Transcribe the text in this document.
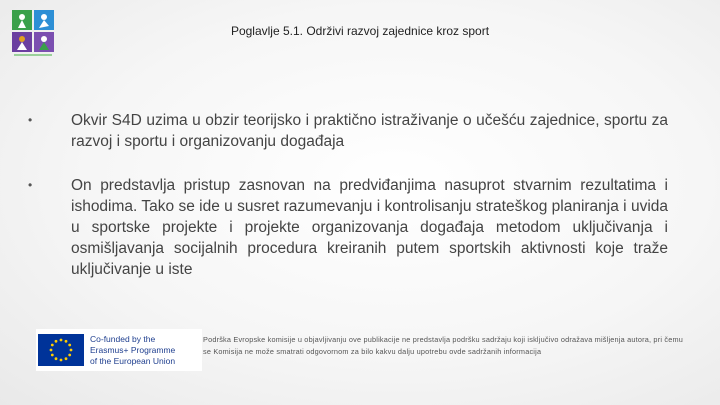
Poglavlje 5.1. Održivi razvoj zajednice kroz sport
•	Okvir S4D uzima u obzir teorijsko i praktično istraživanje o učešću zajednice, sportu za razvoj i sportu i organizovanju događaja
•	On predstavlja pristup zasnovan na predviđanjima nasuprot stvarnim rezultatima i ishodima. Tako se ide u susret razumevanju i kontrolisanju strateškog planiranja i uvida u sportske projekte i projekte organizovanja događaja metodom uključivanja i osmišljavanja socijalnih procedura kreiranih putem sportskih aktivnosti koje traže uključivanje u iste
Co-funded by the
Erasmus+ Programme
of the European Union
Podrška Evropske komisije u objavljivanju ove publikacije ne predstavlja podršku sadržaju koji isključivo odražava mišljenja autora, pri čemu se Komisija ne može smatrati odgovornom za bilo kakvu dalju upotrebu ovde sadržanih informacija
